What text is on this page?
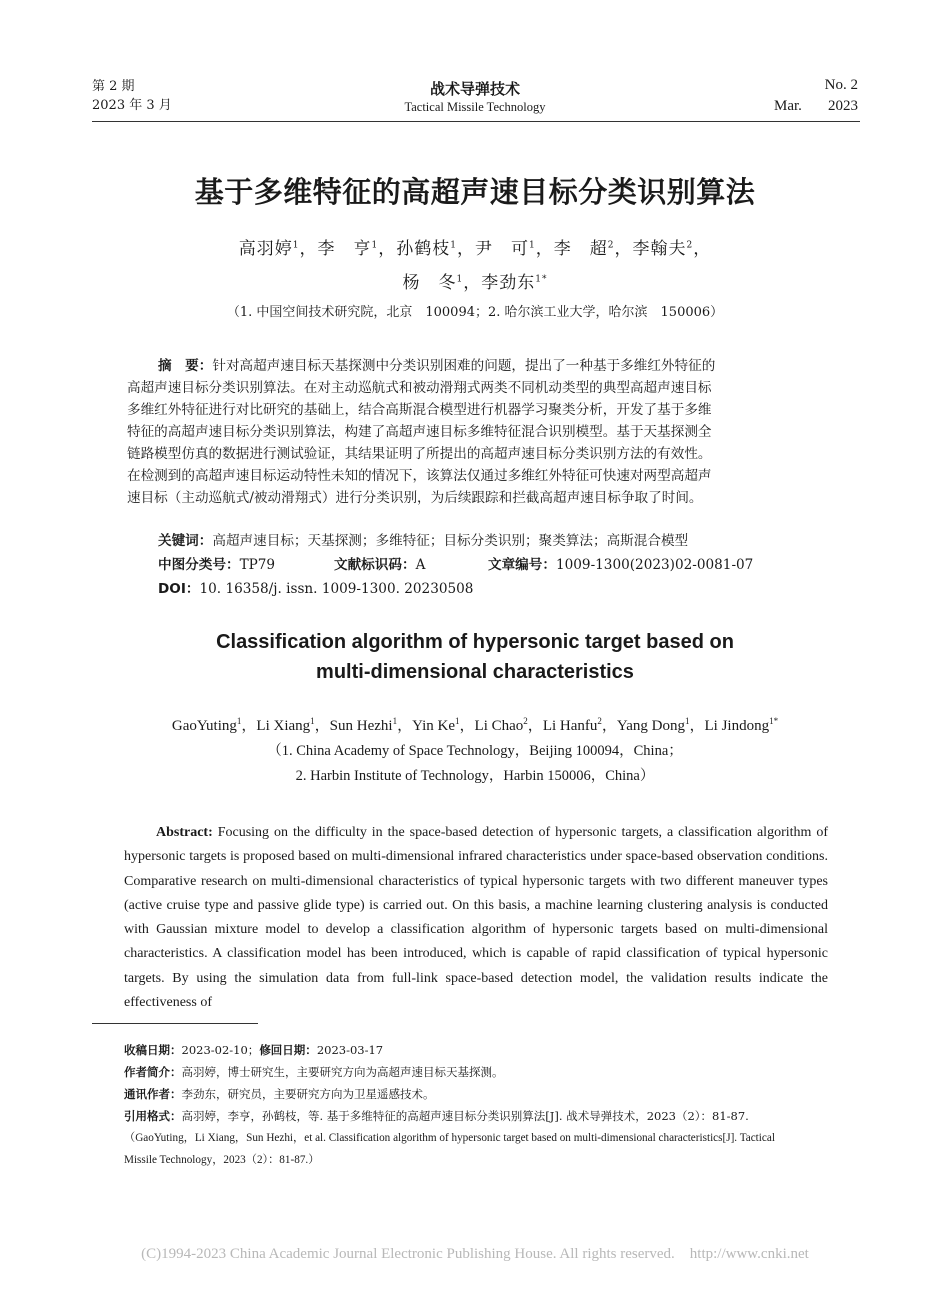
第 2 期
2023 年 3 月
战术导弹技术
Tactical Missile Technology
No. 2
Mar. 2023
基于多维特征的高超声速目标分类识别算法
高羽婷$^1$，李　亨$^1$，孙鹤枝$^1$，尹　可$^1$，李　超$^2$，李翰夫$^2$，
杨　冬$^1$，李劲东$^{1*}$
（1. 中国空间技术研究院，北京　100094；2. 哈尔滨工业大学，哈尔滨　150006）
摘　要：针对高超声速目标天基探测中分类识别困难的问题，提出了一种基于多维红外特征的
高超声速目标分类识别算法。在对主动巡航式和被动滑翔式两类不同机动类型的典型高超声速目标
多维红外特征进行对比研究的基础上，结合高斯混合模型进行机器学习聚类分析，开发了基于多维
特征的高超声速目标分类识别算法，构建了高超声速目标多维特征混合识别模型。基于天基探测全
链路模型仿真的数据进行测试验证，其结果证明了所提出的高超声速目标分类识别方法的有效性。
在检测到的高超声速目标运动特性未知的情况下，该算法仅通过多维红外特征可快速对两型高超声
速目标（主动巡航式/被动滑翔式）进行分类识别，为后续跟踪和拦截高超声速目标争取了时间。
关键词：高超声速目标；天基探测；多维特征；目标分类识别；聚类算法；高斯混合模型
中图分类号：TP79	文献标识码：A	文章编号：1009-1300(2023)02-0081-07
DOI：10. 16358/j. issn. 1009-1300. 20230508
Classification algorithm of hypersonic target based on
multi-dimensional characteristics
GaoYuting$^1$，Li Xiang$^1$，Sun Hezhi$^1$，Yin Ke$^1$，Li Chao$^2$，Li Hanfu$^2$，Yang Dong$^1$，Li Jindong$^{1*}$
（1. China Academy of Space Technology，Beijing 100094，China；
2. Harbin Institute of Technology，Harbin 150006，China）
Abstract: Focusing on the difficulty in the space-based detection of hypersonic targets, a classification algorithm of hypersonic targets is proposed based on multi-dimensional infrared characteristics under space-based observation conditions. Comparative research on multi-dimensional characteristics of typical hypersonic targets with two different maneuver types (active cruise type and passive glide type) is carried out. On this basis, a machine learning clustering analysis is conducted with Gaussian mixture model to develop a classification algorithm of hypersonic targets based on multi-dimensional characteristics. A classification model has been introduced, which is capable of rapid classification of typical hypersonic targets. By using the simulation data from full-link space-based detection model, the validation results indicate the effectiveness of
收稿日期：2023-02-10；修回日期：2023-03-17
作者简介：高羽婷，博士研究生，主要研究方向为高超声速目标天基探测。
通讯作者：李劲东，研究员，主要研究方向为卫星遥感技术。
引用格式：高羽婷，李亨，孙鹤枝，等. 基于多维特征的高超声速目标分类识别算法[J]. 战术导弹技术，2023（2）：81-87.
（GaoYuting，Li Xiang，Sun Hezhi，et al. Classification algorithm of hypersonic target based on multi-dimensional characteristics[J]. Tactical
Missile Technology，2023（2）：81-87.）
(C)1994-2023 China Academic Journal Electronic Publishing House. All rights reserved.　http://www.cnki.net
